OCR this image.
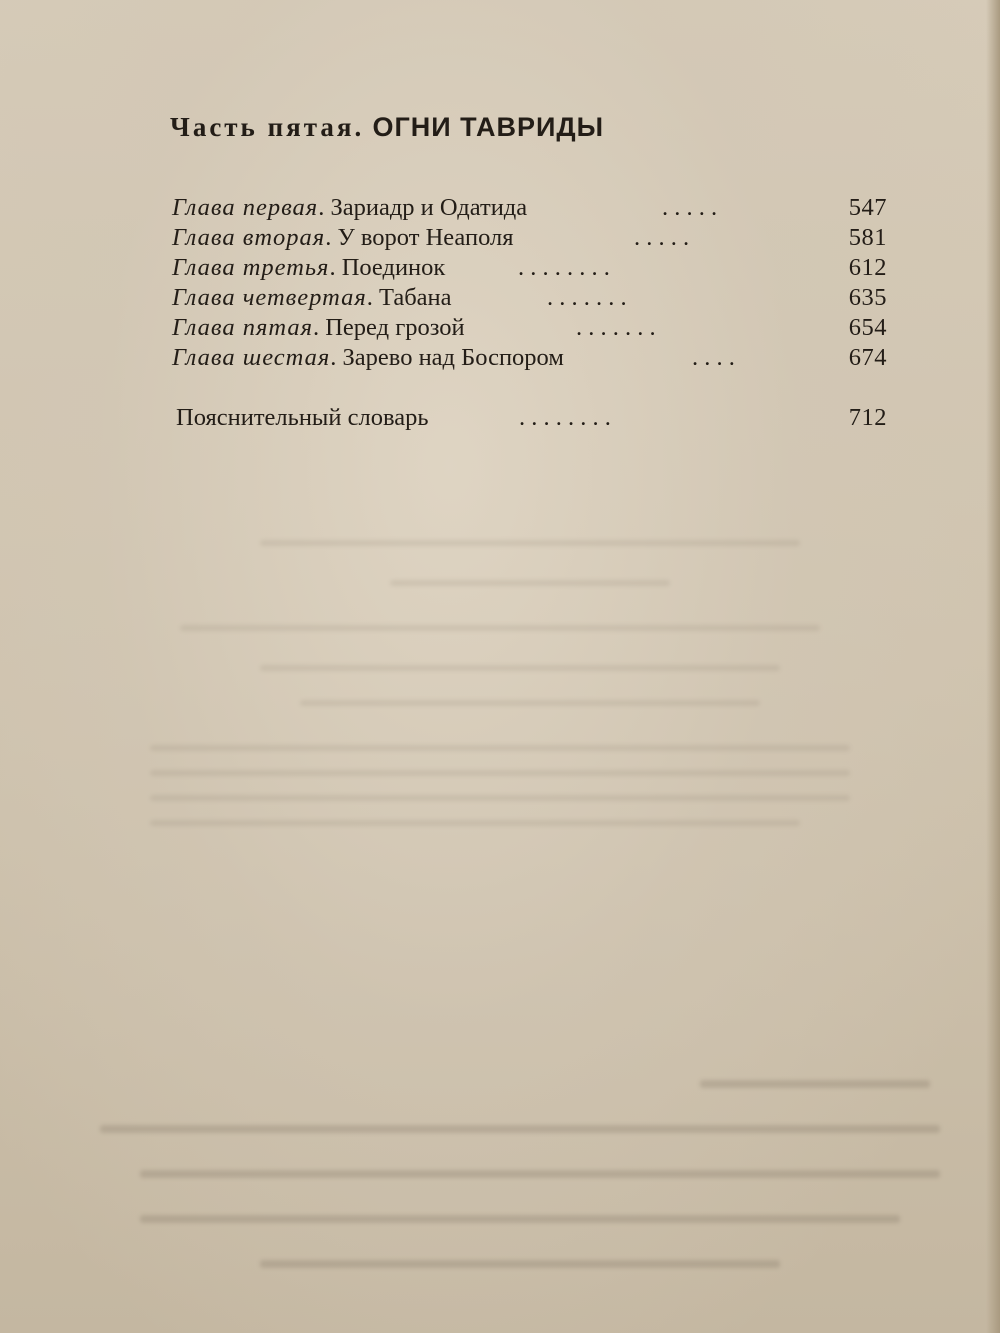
Часть пятая. ОГНИ ТАВРИДЫ
Глава первая. Зариадр и Одатида	. . . . .	547
Глава вторая. У ворот Неаполя	. . . . .	581
Глава третья. Поединок	. . . . . . . .	612
Глава четвертая. Табана	. . . . . . .	635
Глава пятая. Перед грозой	. . . . . . .	654
Глава шестая. Зарево над Боспором	. . . .	674
Пояснительный словарь	. . . . . . . .	712
